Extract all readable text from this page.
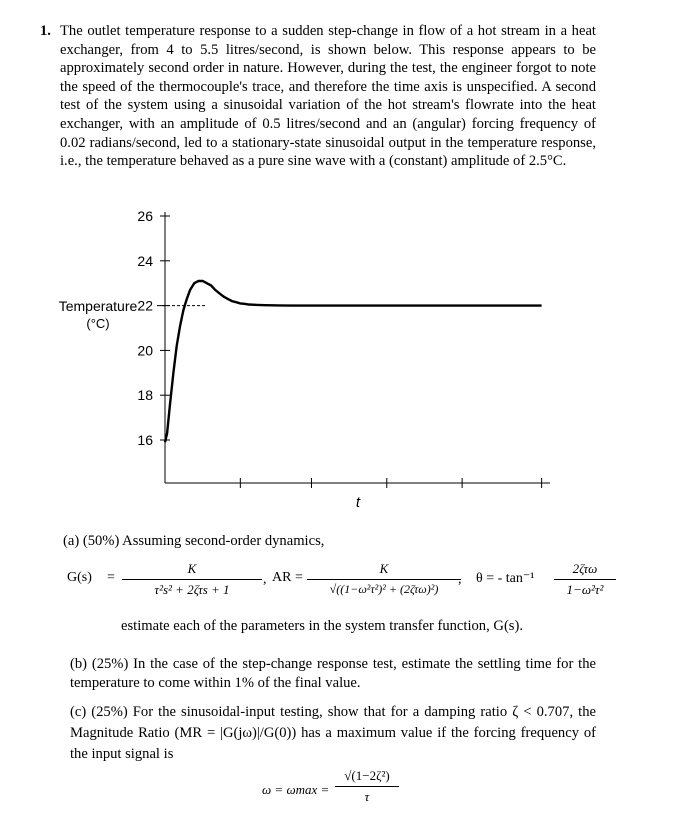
1. The outlet temperature response to a sudden step-change in flow of a hot stream in a heat exchanger, from 4 to 5.5 litres/second, is shown below. This response appears to be approximately second order in nature. However, during the test, the engineer forgot to note the speed of the thermocouple's trace, and therefore the time axis is unspecified. A second test of the system using a sinusoidal variation of the hot stream's flowrate into the heat exchanger, with an amplitude of 0.5 litres/second and an (angular) forcing frequency of 0.02 radians/second, led to a stationary-state sinusoidal output in the temperature response, i.e., the temperature behaved as a pure sine wave with a (constant) amplitude of 2.5°C.
26
24
22
20
18
16
Temperature
(°C)
t
(a) (50%) Assuming second-order dynamics,
G(s) =
K
τ²s² + 2ζτs + 1
, AR =
K
√((1−ω²τ²)² + (2ζτω)²)
, θ = - tan⁻¹
2ζτω
1−ω²τ²
estimate each of the parameters in the system transfer function, G(s).
(b) (25%) In the case of the step-change response test, estimate the settling time for the temperature to come within 1% of the final value.
(c) (25%) For the sinusoidal-input testing, show that for a damping ratio ζ < 0.707, the Magnitude Ratio (MR = |G(jω)|/G(0)) has a maximum value if the forcing frequency of the input signal is
ω = ωmax =
√(1−2ζ²)
τ
